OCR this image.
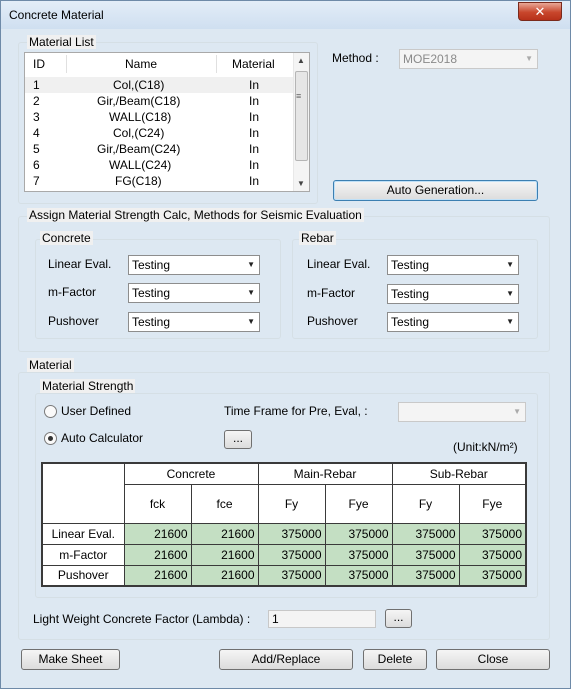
Concrete Material	✕
Material List
ID	Name	Material
1	Col,(C18)	In
2	Gir,/Beam(C18)	In
3	WALL(C18)	In
4	Col,(C24)	In
5	Gir,/Beam(C24)	In
6	WALL(C24)	In
7	FG(C18)	In
▲
≡
▼
Method :	MOE2018	▼
Auto Generation...
Assign Material Strength Calc, Methods for Seismic Evaluation
Concrete
Linear Eval.	Testing	▼
m-Factor	Testing	▼
Pushover	Testing	▼
Rebar
Linear Eval.	Testing	▼
m-Factor	Testing	▼
Pushover	Testing	▼
Material
Material Strength
User Defined
Auto Calculator
Time Frame for Pre, Eval, :	▼
...
(Unit:kN/m²)
	Concrete		Main-Rebar		Sub-Rebar	
	fck	fce	Fy	Fye	Fy	Fye
Linear Eval.	21600	21600	375000	375000	375000	375000
m-Factor	21600	21600	375000	375000	375000	375000
Pushover	21600	21600	375000	375000	375000	375000
Light Weight Concrete Factor (Lambda) :	1	...
Make Sheet	Add/Replace	Delete	Close
